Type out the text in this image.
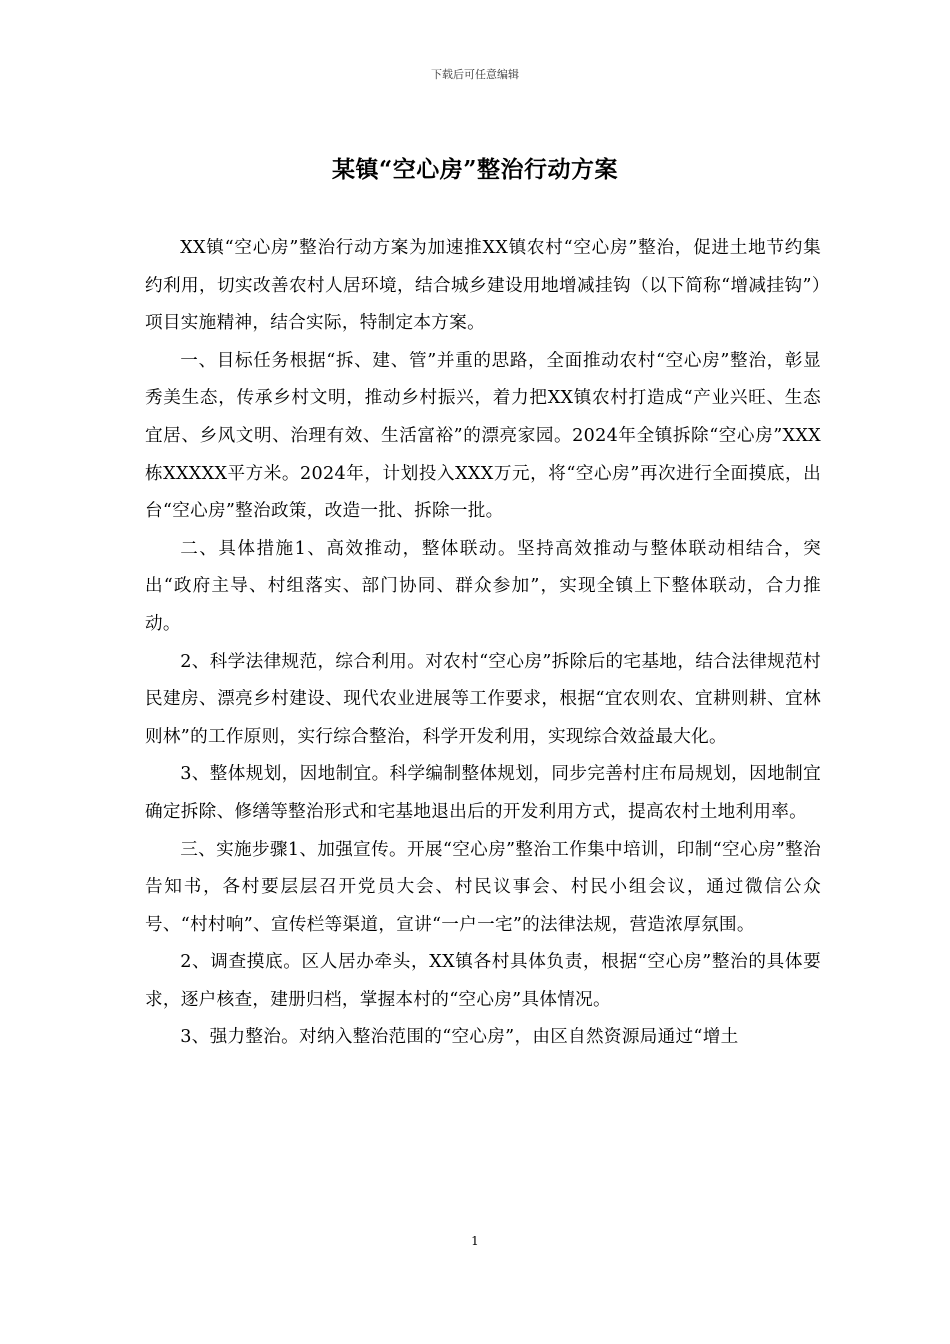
下载后可任意编辑
某镇“空心房”整治行动方案

XX镇“空心房”整治行动方案为加速推XX镇农村“空心房”整治，促进土地节约集约利用，切实改善农村人居环境，结合城乡建设用地增减挂钩（以下简称“增减挂钩”）项目实施精神，结合实际，特制定本方案。

一、目标任务根据“拆、建、管”并重的思路，全面推动农村“空心房”整治，彰显秀美生态，传承乡村文明，推动乡村振兴，着力把XX镇农村打造成“产业兴旺、生态宜居、乡风文明、治理有效、生活富裕”的漂亮家园。2024年全镇拆除“空心房”XXX栋XXXXX平方米。2024年，计划投入XXX万元，将“空心房”再次进行全面摸底，出台“空心房”整治政策，改造一批、拆除一批。

二、具体措施1、高效推动，整体联动。坚持高效推动与整体联动相结合，突出“政府主导、村组落实、部门协同、群众参加”，实现全镇上下整体联动，合力推动。

2、科学法律规范，综合利用。对农村“空心房”拆除后的宅基地，结合法律规范村民建房、漂亮乡村建设、现代农业进展等工作要求，根据“宜农则农、宜耕则耕、宜林则林”的工作原则，实行综合整治，科学开发利用，实现综合效益最大化。

3、整体规划，因地制宜。科学编制整体规划，同步完善村庄布局规划，因地制宜确定拆除、修缮等整治形式和宅基地退出后的开发利用方式，提高农村土地利用率。

三、实施步骤1、加强宣传。开展“空心房”整治工作集中培训，印制“空心房”整治告知书，各村要层层召开党员大会、村民议事会、村民小组会议，通过微信公众号、“村村响”、宣传栏等渠道，宣讲“一户一宅”的法律法规，营造浓厚氛围。

2、调查摸底。区人居办牵头，XX镇各村具体负责，根据“空心房”整治的具体要求，逐户核查，建册归档，掌握本村的“空心房”具体情况。

3、强力整治。对纳入整治范围的“空心房”，由区自然资源局通过“增土

1
